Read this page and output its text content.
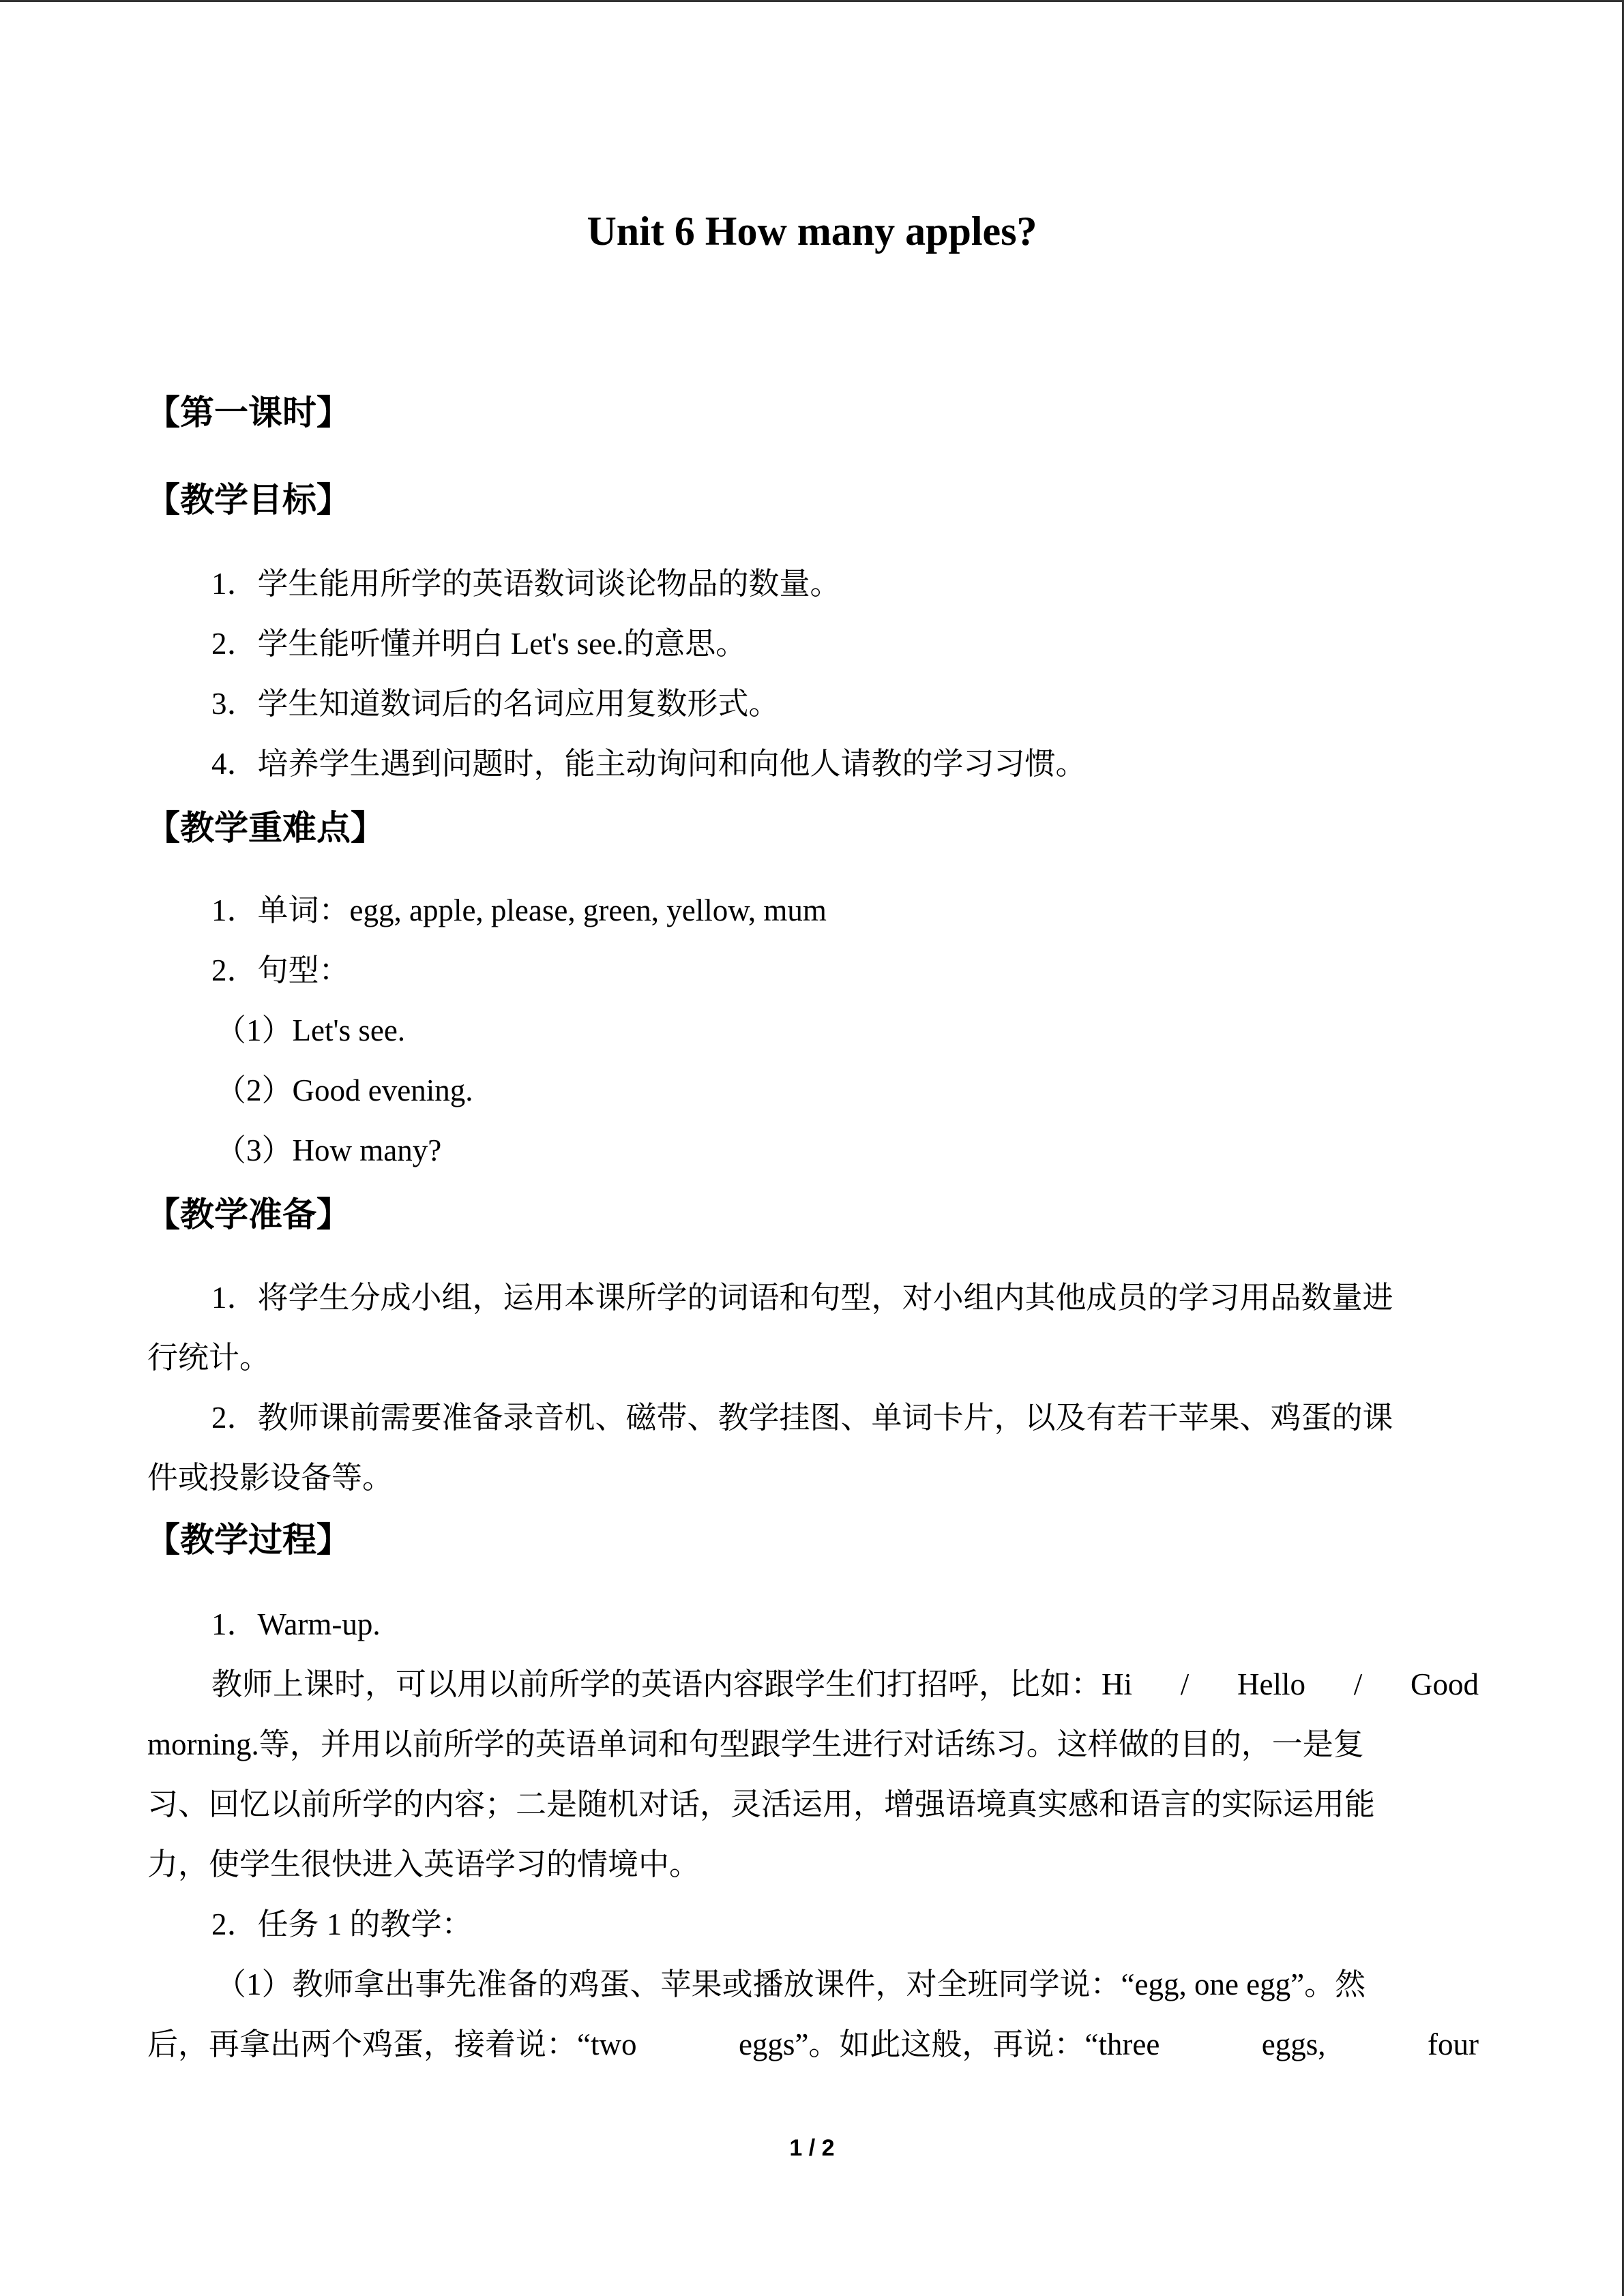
Unit 6 How many apples?
【第一课时】
【教学目标】
1．学生能用所学的英语数词谈论物品的数量。
2．学生能听懂并明白 Let's see.的意思。
3．学生知道数词后的名词应用复数形式。
4．培养学生遇到问题时，能主动询问和向他人请教的学习习惯。
【教学重难点】
1．单词：egg, apple, please, green, yellow, mum
2．句型：
（1）Let's see.
（2）Good evening.
（3）How many?
【教学准备】
1．将学生分成小组，运用本课所学的词语和句型，对小组内其他成员的学习用品数量进
行统计。
2．教师课前需要准备录音机、磁带、教学挂图、单词卡片，以及有若干苹果、鸡蛋的课
件或投影设备等。
【教学过程】
1．Warm-up.
教师上课时，可以用以前所学的英语内容跟学生们打招呼，比如：Hi / Hello / Good
morning.等，并用以前所学的英语单词和句型跟学生进行对话练习。这样做的目的，一是复
习、回忆以前所学的内容；二是随机对话，灵活运用，增强语境真实感和语言的实际运用能
力，使学生很快进入英语学习的情境中。
2．任务 1 的教学：
（1）教师拿出事先准备的鸡蛋、苹果或播放课件，对全班同学说：“egg, one egg”。然
后，再拿出两个鸡蛋，接着说：“two	eggs”。如此这般，再说：“three	eggs,	four
1 / 2
